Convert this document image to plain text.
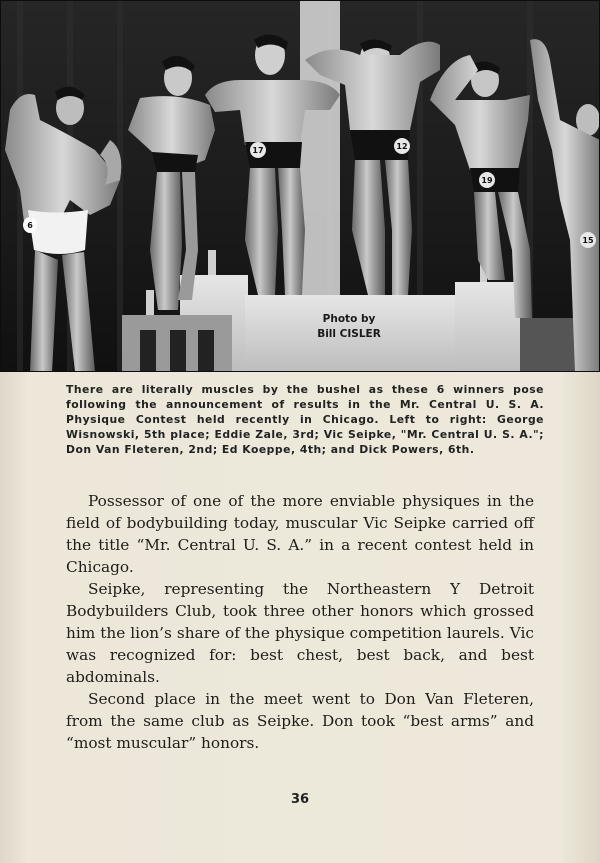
6
17	12
19
15
Photo by
Bill CISLER
There are literally muscles by the bushel as these 6 winners pose following the announcement of results in the Mr. Central U. S. A. Physique Contest held recently in Chicago. Left to right: George Wisnowski, 5th place; Eddie Zale, 3rd; Vic Seipke, "Mr. Central U. S. A."; Don Van Fleteren, 2nd; Ed Koeppe, 4th; and Dick Powers, 6th.

Possessor of one of the more enviable physiques in the field of bodybuilding today, muscular Vic Seipke carried off the title “Mr. Central U. S. A.” in a recent contest held in Chicago.

Seipke, representing the Northeastern Y Detroit Bodybuilders Club, took three other honors which grossed him the lion’s share of the physique competition laurels. Vic was recognized for: best chest, best back, and best abdominals.

Second place in the meet went to Don Van Fleteren, from the same club as Seipke. Don took “best arms” and “most muscular” honors.

36
